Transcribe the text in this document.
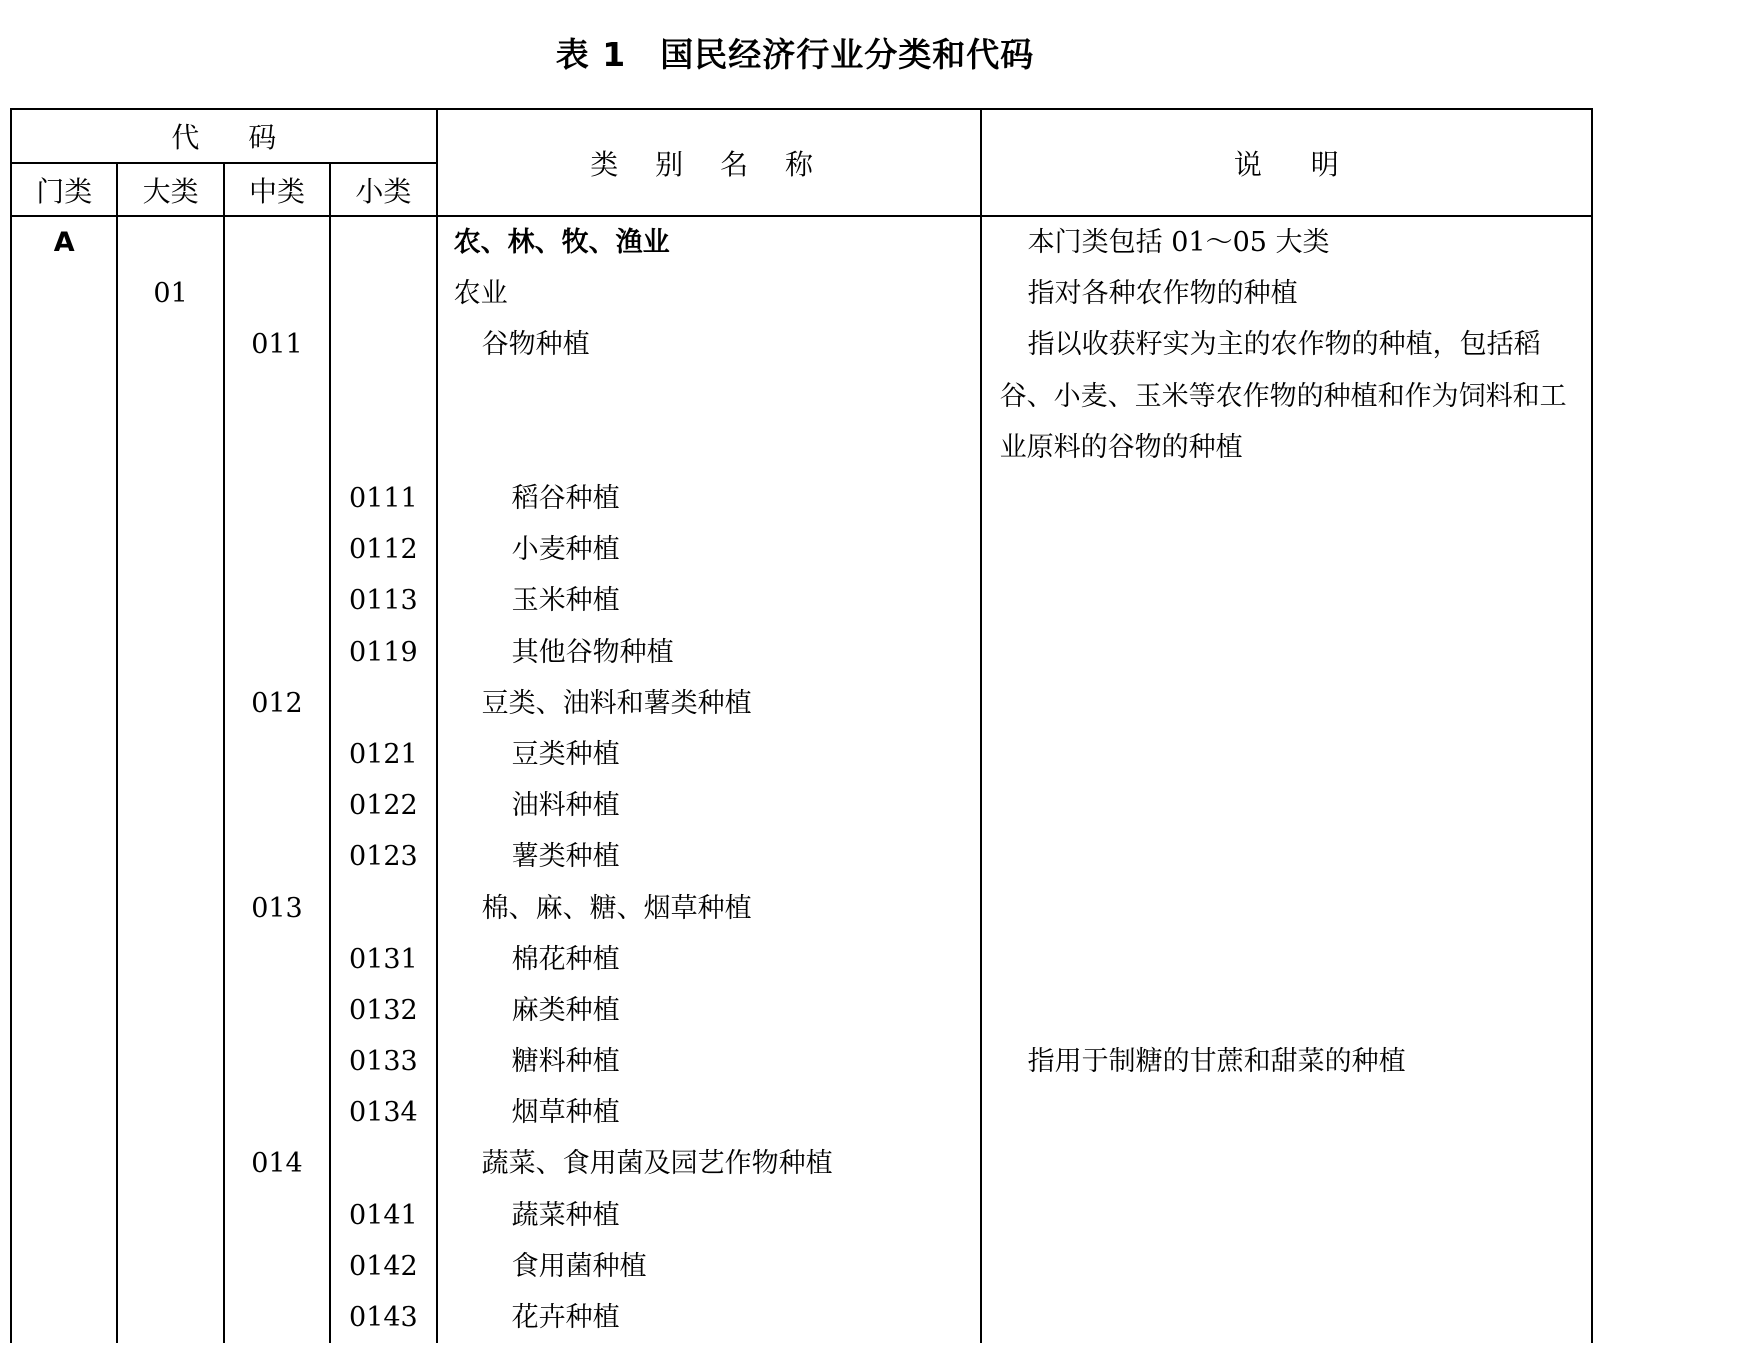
表 1 国民经济行业分类和代码
代 码				类 别 名 称	说 明
门类	大类	中类	小类		
A				农、林、牧、渔业	本门类包括 01～05 大类

	01			农业	指对各种农作物的种植

		011		谷物种植	指以收获籽实为主的农作物的种植，包括稻谷、小麦、玉米等农作物的种植和作为饲料和工业原料的谷物的种植

			0111	稻谷种植	

			0112	小麦种植	

			0113	玉米种植	

			0119	其他谷物种植	

		012		豆类、油料和薯类种植	

			0121	豆类种植	

			0122	油料种植	

			0123	薯类种植	

		013		棉、麻、糖、烟草种植	

			0131	棉花种植	

			0132	麻类种植	

			0133	糖料种植	指用于制糖的甘蔗和甜菜的种植

			0134	烟草种植	

		014		蔬菜、食用菌及园艺作物种植	

			0141	蔬菜种植	

			0142	食用菌种植	

			0143	花卉种植	
